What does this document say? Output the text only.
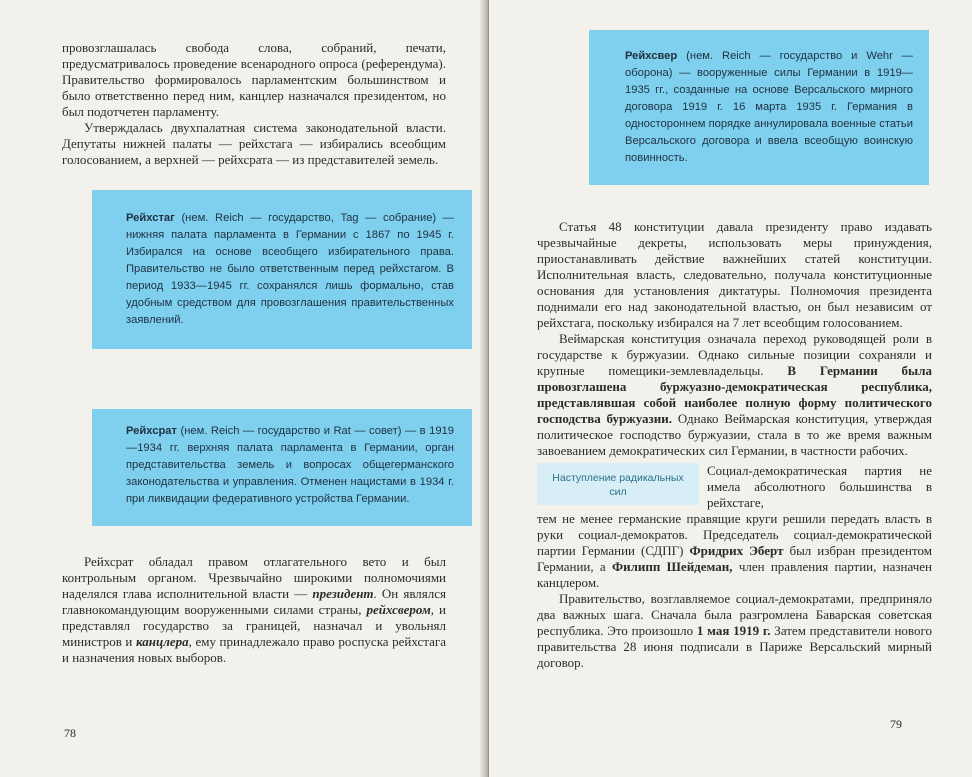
провозглашалась свобода слова, собраний, печати, предусматривалось проведение всенародного опроса (референдума). Правительство формировалось парламентским большинством и было ответственно перед ним, канцлер назначался президентом, но был подотчетен парламенту.

Утверждалась двухпалатная система законодательной власти. Депутаты нижней палаты — рейхстага — избирались всеобщим голосованием, а верхней — рейхсрата — из представителей земель.

Рейхстаг (нем. Reich — государство, Tag — собрание) — нижняя палата парламента в Германии с 1867 по 1945 г. Избирался на основе всеобщего избирательного права. Правительство не было ответственным перед рейхстагом. В период 1933—1945 гг. сохранялся лишь формально, став удобным средством для провозглашения правительственных заявлений.
Рейхсрат (нем. Reich — государство и Rat — совет) — в 1919—1934 гг. верхняя палата парламента в Германии, орган представительства земель и вопросах общегерманского законодательства и управления. Отменен нацистами в 1934 г. при ликвидации федеративного устройства Германии.

Рейхсрат обладал правом отлагательного вето и был контрольным органом. Чрезвычайно широкими полномочиями наделялся глава исполнительной власти — президент. Он являлся главнокомандующим вооруженными силами страны, рейхсвером, и представлял государство за границей, назначал и увольнял министров и канцлера, ему принадлежало право роспуска рейхстага и назначения новых выборов.

78
Рейхсвер (нем. Reich — государство и Wehr — оборона) — вооруженные силы Германии в 1919—1935 гг., созданные на основе Версальского мирного договора 1919 г. 16 марта 1935 г. Германия в одностороннем порядке аннулировала военные статьи Версальского договора и ввела всеобщую воинскую повинность.

Статья 48 конституции давала президенту право издавать чрезвычайные декреты, использовать меры принуждения, приостанавливать действие важнейших статей конституции. Исполнительная власть, следовательно, получала конституционные основания для установления диктатуры. Полномочия президента поднимали его над законодательной властью, он был независим от рейхстага, поскольку избирался на 7 лет всеобщим голосованием.

Веймарская конституция означала переход руководящей роли в государстве к буржуазии. Однако сильные позиции сохраняли и крупные помещики-землевладельцы. В Германии была провозглашена буржуазно-демократическая республика, представлявшая собой наиболее полную форму политического господства буржуазии. Однако Веймарская конституция, утверждая политическое господство буржуазии, стала в то же время важным завоеванием демократических сил Германии, в частности рабочих.

Наступление радикальных сил

Социал-демократическая партия не имела абсолютного большинства в рейхстаге,

тем не менее германские правящие круги решили передать власть в руки социал-демократов. Председатель социал-демократической партии Германии (СДПГ) Фридрих Эберт был избран президентом Германии, а Филипп Шейдеман, член правления партии, назначен канцлером.

Правительство, возглавляемое социал-демократами, предприняло два важных шага. Сначала была разгромлена Баварская советская республика. Это произошло 1 мая 1919 г. Затем представители нового правительства 28 июня подписали в Париже Версальский мирный договор.

79
